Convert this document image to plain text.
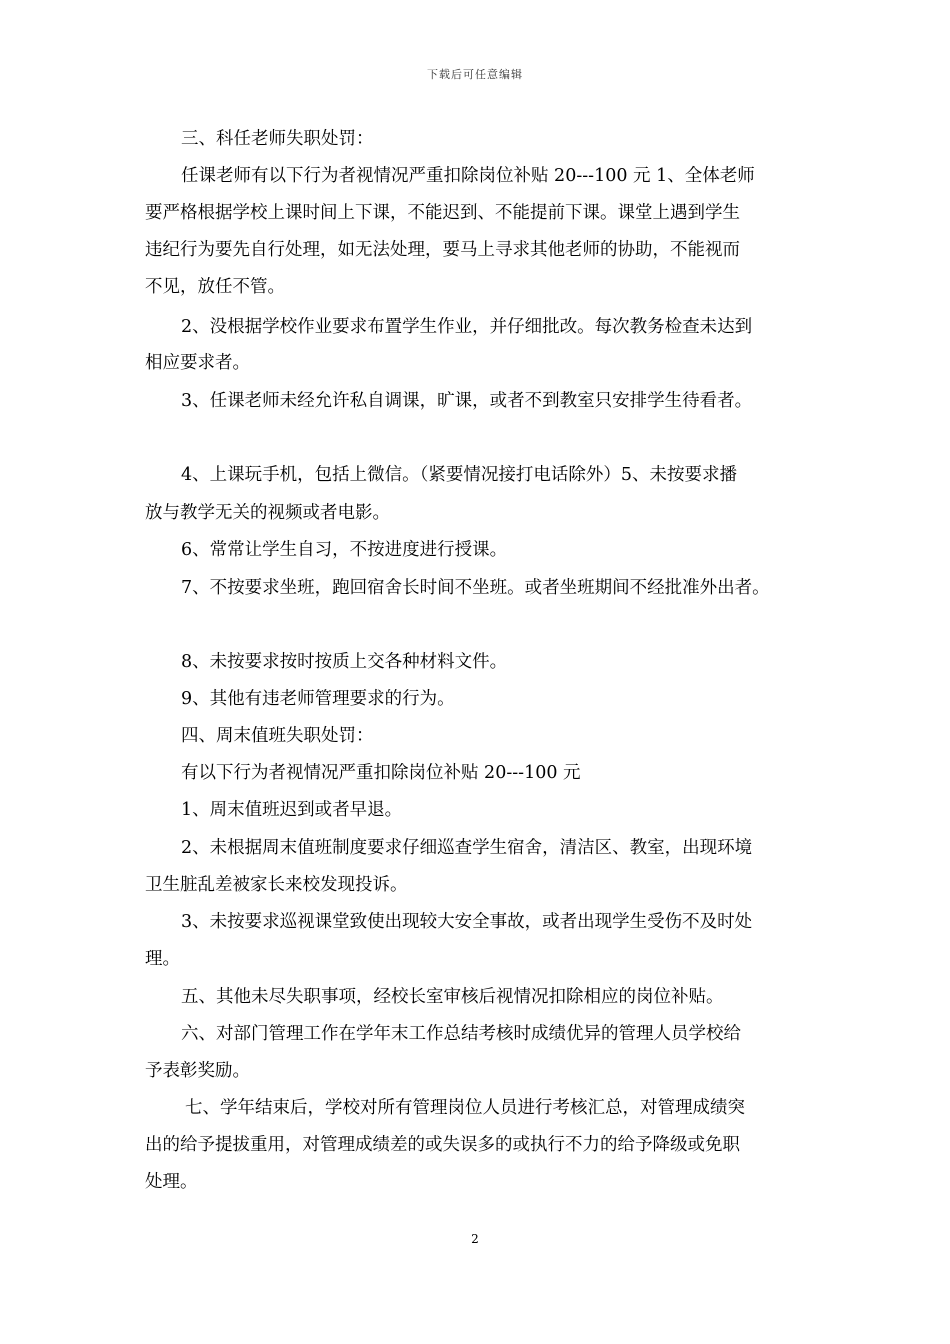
下载后可任意编辑
三、科任老师失职处罚：
任课老师有以下行为者视情况严重扣除岗位补贴 20---100 元 1、全体老师
要严格根据学校上课时间上下课，不能迟到、不能提前下课。课堂上遇到学生
违纪行为要先自行处理，如无法处理，要马上寻求其他老师的协助，不能视而
不见，放任不管。
2、没根据学校作业要求布置学生作业，并仔细批改。每次教务检查未达到
相应要求者。
3、任课老师未经允许私自调课，旷课，或者不到教室只安排学生待看者。
4、上课玩手机，包括上微信。（紧要情况接打电话除外）5、未按要求播
放与教学无关的视频或者电影。
6、常常让学生自习，不按进度进行授课。
7、不按要求坐班，跑回宿舍长时间不坐班。或者坐班期间不经批准外出者。
8、未按要求按时按质上交各种材料文件。
9、其他有违老师管理要求的行为。
四、周末值班失职处罚：
有以下行为者视情况严重扣除岗位补贴 20---100 元
1、周末值班迟到或者早退。
2、未根据周末值班制度要求仔细巡查学生宿舍，清洁区、教室，出现环境
卫生脏乱差被家长来校发现投诉。
3、未按要求巡视课堂致使出现较大安全事故，或者出现学生受伤不及时处
理。
五、其他未尽失职事项，经校长室审核后视情况扣除相应的岗位补贴。
六、对部门管理工作在学年末工作总结考核时成绩优异的管理人员学校给
予表彰奖励。
七、学年结束后，学校对所有管理岗位人员进行考核汇总，对管理成绩突
出的给予提拔重用，对管理成绩差的或失误多的或执行不力的给予降级或免职
处理。
2
